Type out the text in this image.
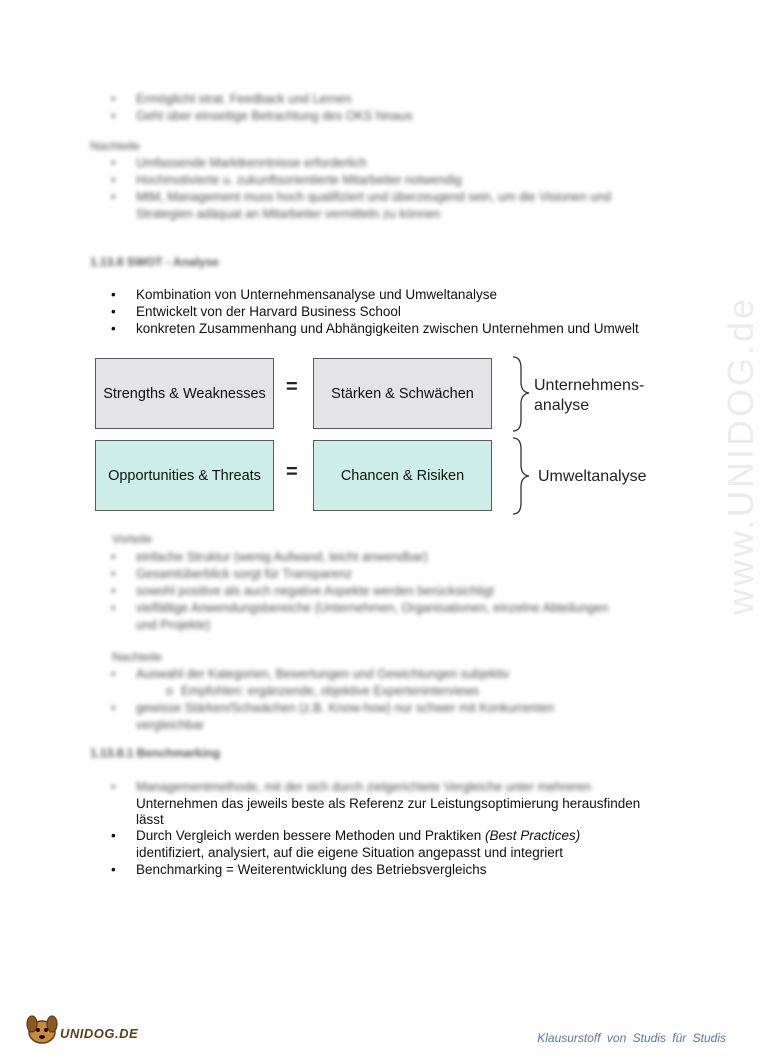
www.UNIDOG.de
• Ermöglicht strat. Feedback und Lernen
• Geht über einseitige Betrachtung des OKS hinaus
Nachteile
• Umfassende Marktkenntnisse erforderlich
• Hochmotivierte u. zukunftsorientierte Mitarbeiter notwendig
• MtM, Management muss hoch qualifiziert und überzeugend sein, um die Visionen und
Strategien adäquat an Mitarbeiter vermitteln zu können
1.13.8 SWOT - Analyse
• Kombination von Unternehmensanalyse und Umweltanalyse
• Entwickelt von der Harvard Business School
• konkreten Zusammenhang und Abhängigkeiten zwischen Unternehmen und Umwelt
Strengths & Weaknesses = Stärken & Schwächen
Opportunities & Threats =	Chancen & Risiken
Unternehmens-
analyse
Umweltanalyse
Vorteile
• einfache Struktur (wenig Aufwand, leicht anwendbar)
• Gesamtüberblick sorgt für Transparenz
• sowohl positive als auch negative Aspekte werden berücksichtigt
• vielfältige Anwendungsbereiche (Unternehmen, Organisationen, einzelne Abteilungen
und Projekte)
Nachteile
• Auswahl der Kategorien, Bewertungen und Gewichtungen subjektiv
o Empfohlen: ergänzende, objektive Experteninterviews
• gewisse Stärken/Schwächen (z.B. Know-how) nur schwer mit Konkurrenten
vergleichbar
1.13.8.1 Benchmarking
• Managementmethode, mit der sich durch zielgerichtete Vergleiche unter mehreren
Unternehmen das jeweils beste als Referenz zur Leistungsoptimierung herausfinden
lässt
• Durch Vergleich werden bessere Methoden und Praktiken (Best Practices)
identifiziert, analysiert, auf die eigene Situation angepasst und integriert
• Benchmarking = Weiterentwicklung des Betriebsvergleichs
UNIDOG.DE	Klausurstoff von Studis für Studis
